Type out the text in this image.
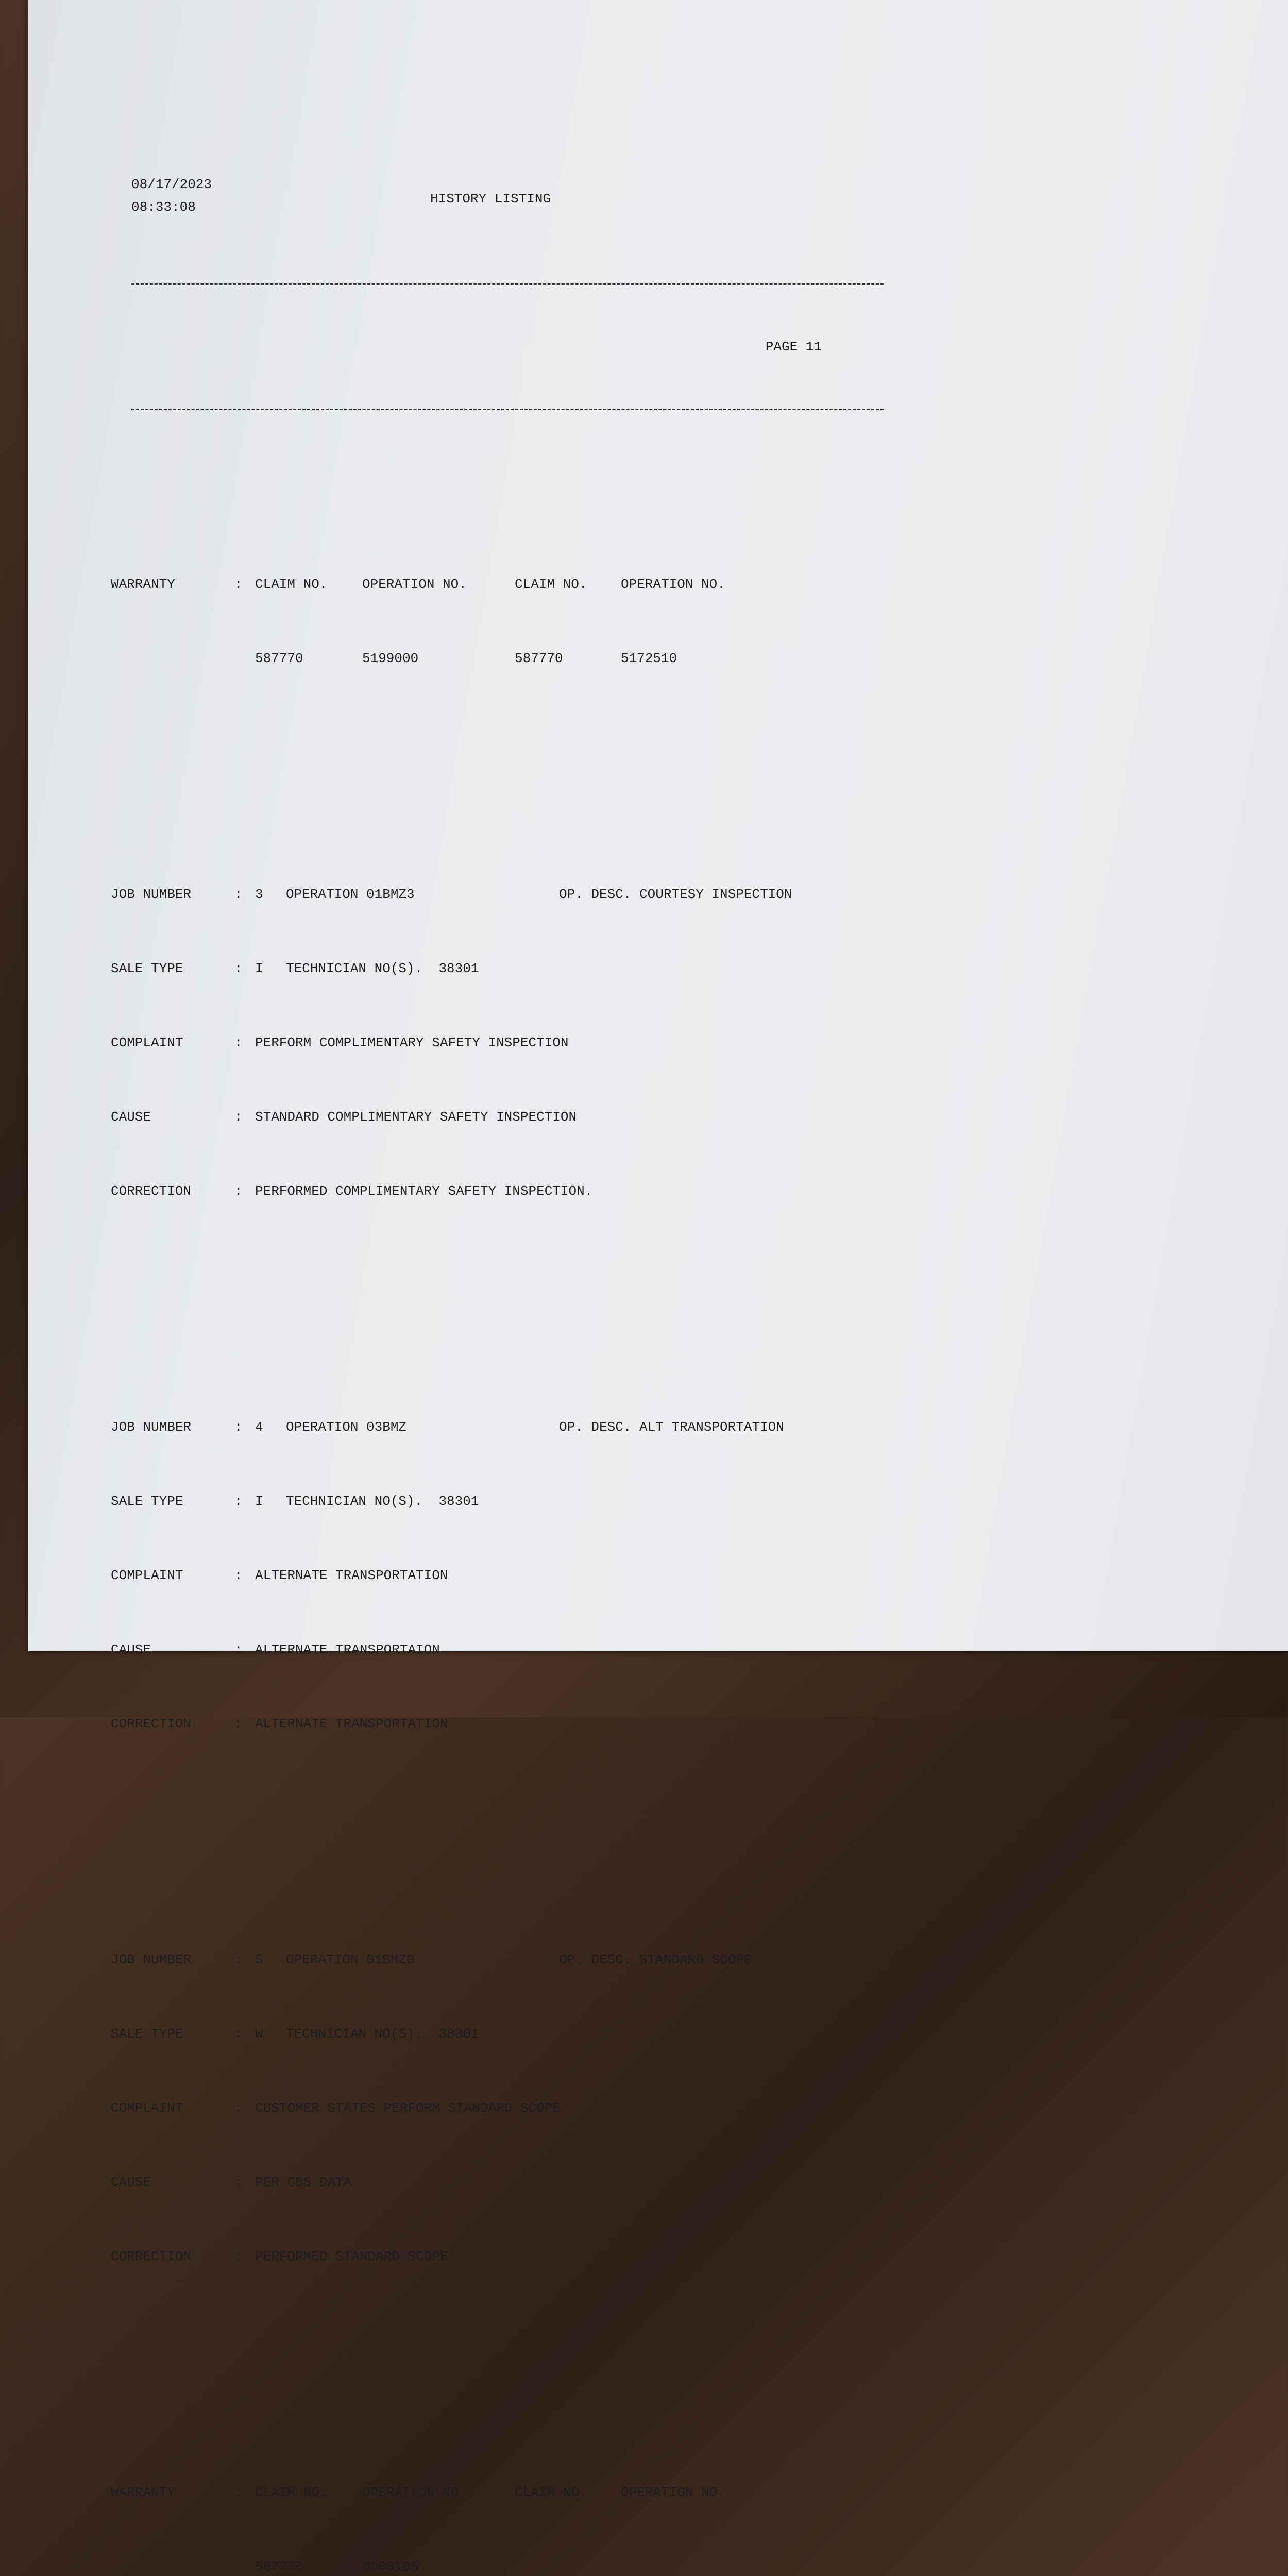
08/17/2023

08:33:08

HISTORY LISTING

PAGE 11

WARRANTY	: CLAIM NO.	OPERATION NO.	CLAIM NO.	OPERATION NO.

587770	5199000	587770	5172510

JOB NUMBER	: 3	OPERATION 01BMZ3	OP. DESC. COURTESY INSPECTION

SALE TYPE	: I	TECHNICIAN NO(S).  38301

COMPLAINT	: PERFORM COMPLIMENTARY SAFETY INSPECTION

CAUSE	: STANDARD COMPLIMENTARY SAFETY INSPECTION

CORRECTION	: PERFORMED COMPLIMENTARY SAFETY INSPECTION.

JOB NUMBER	: 4	OPERATION 03BMZ	OP. DESC. ALT TRANSPORTATION

SALE TYPE	: I	TECHNICIAN NO(S).  38301

COMPLAINT	: ALTERNATE TRANSPORTATION

CAUSE	: ALTERNATE TRANSPORTAION

CORRECTION	: ALTERNATE TRANSPORTATION

JOB NUMBER	: 5	OPERATION 01BMZ0	OP. DESC. STANDARD SCOPE

SALE TYPE	: W	TECHNICIAN NO(S).  38301

COMPLAINT	: CUSTOMER STATES PERFORM STANDARD SCOPE

CAUSE	: PER CBS DATA

CORRECTION	: PERFORMED STANDARD SCOPE

WARRANTY	: CLAIM NO.	OPERATION NO.	CLAIM NO.	OPERATION NO.

587770	0000105
